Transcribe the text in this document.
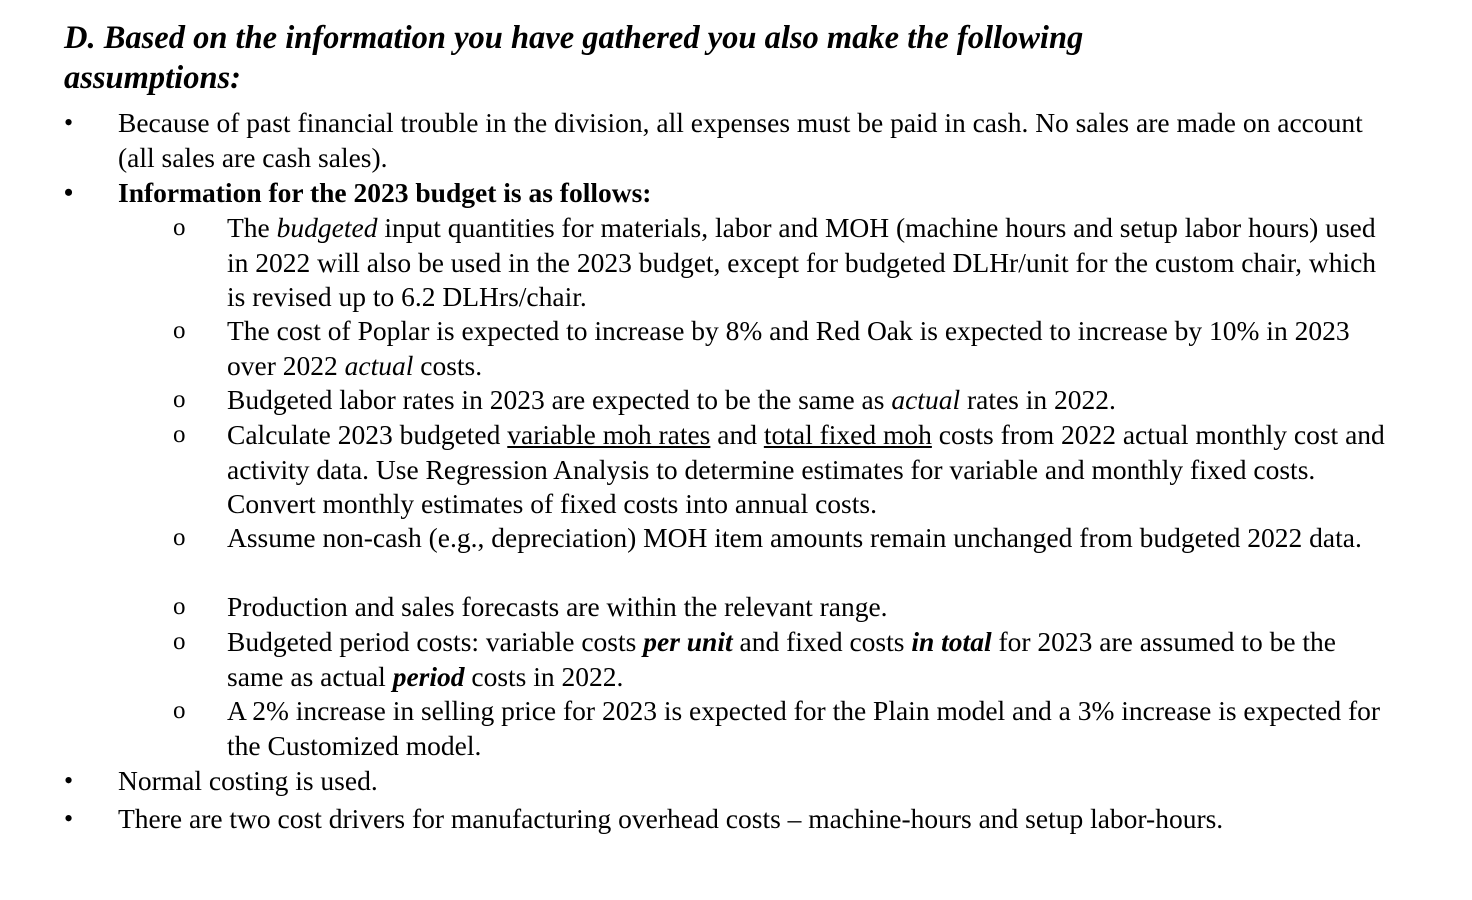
D. Based on the information you have gathered you also make the following
assumptions:
• Because of past financial trouble in the division, all expenses must be paid in cash. No sales are made on account (all sales are cash sales).
• Information for the 2023 budget is as follows:
o The budgeted input quantities for materials, labor and MOH (machine hours and setup labor hours) used in 2022 will also be used in the 2023 budget, except for budgeted DLHr/unit for the custom chair, which is revised up to 6.2 DLHrs/chair.
o The cost of Poplar is expected to increase by 8% and Red Oak is expected to increase by 10% in 2023 over 2022 actual costs.
o Budgeted labor rates in 2023 are expected to be the same as actual rates in 2022.
o Calculate 2023 budgeted variable moh rates and total fixed moh costs from 2022 actual monthly cost and activity data. Use Regression Analysis to determine estimates for variable and monthly fixed costs. Convert monthly estimates of fixed costs into annual costs.
o Assume non-cash (e.g., depreciation) MOH item amounts remain unchanged from budgeted 2022 data.
o Production and sales forecasts are within the relevant range.
o Budgeted period costs: variable costs per unit and fixed costs in total for 2023 are assumed to be the same as actual period costs in 2022.
o A 2% increase in selling price for 2023 is expected for the Plain model and a 3% increase is expected for the Customized model.
• Normal costing is used.
• There are two cost drivers for manufacturing overhead costs – machine-hours and setup labor-hours.
